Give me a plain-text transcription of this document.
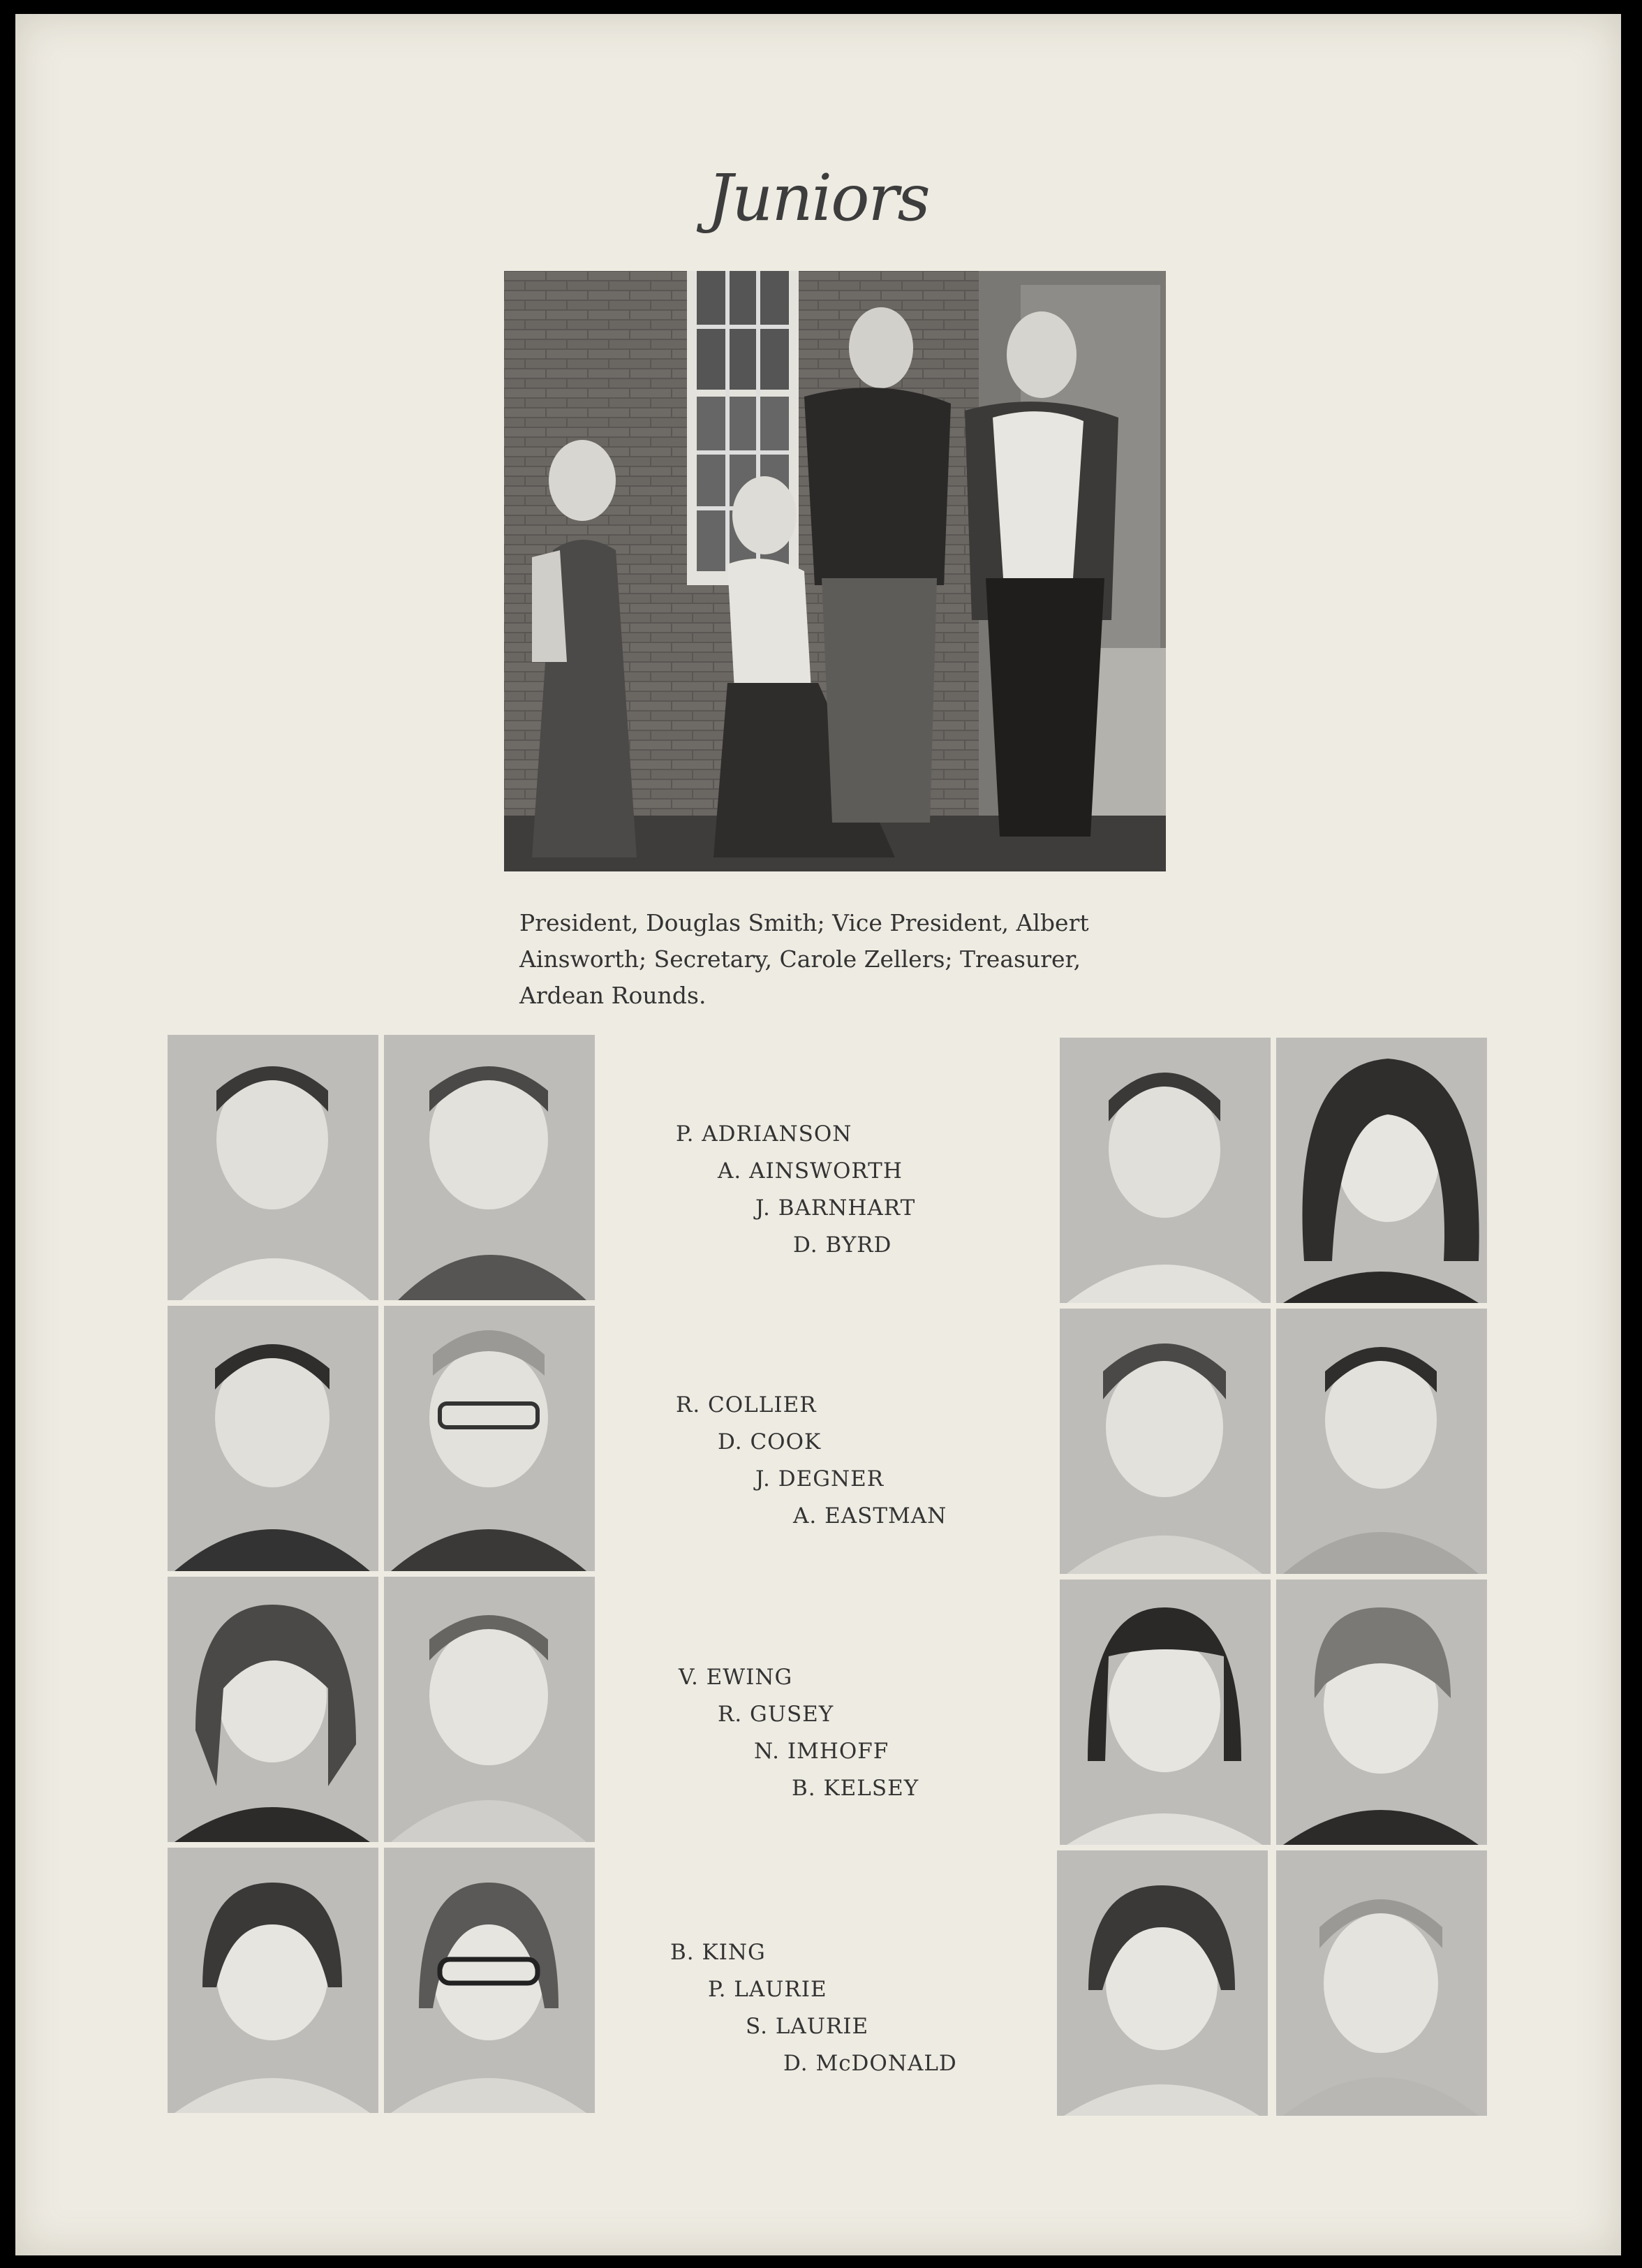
Juniors

President, Douglas Smith; Vice President, Albert Ainsworth; Secretary, Carole Zellers; Treasurer, Ardean Rounds.

P. ADRIANSON
A. AINSWORTH
J. BARNHART
D. BYRD
R. COLLIER
D. COOK
J. DEGNER
A. EASTMAN
V. EWING
R. GUSEY
N. IMHOFF
B. KELSEY
B. KING
P. LAURIE
S. LAURIE
D. McDONALD
